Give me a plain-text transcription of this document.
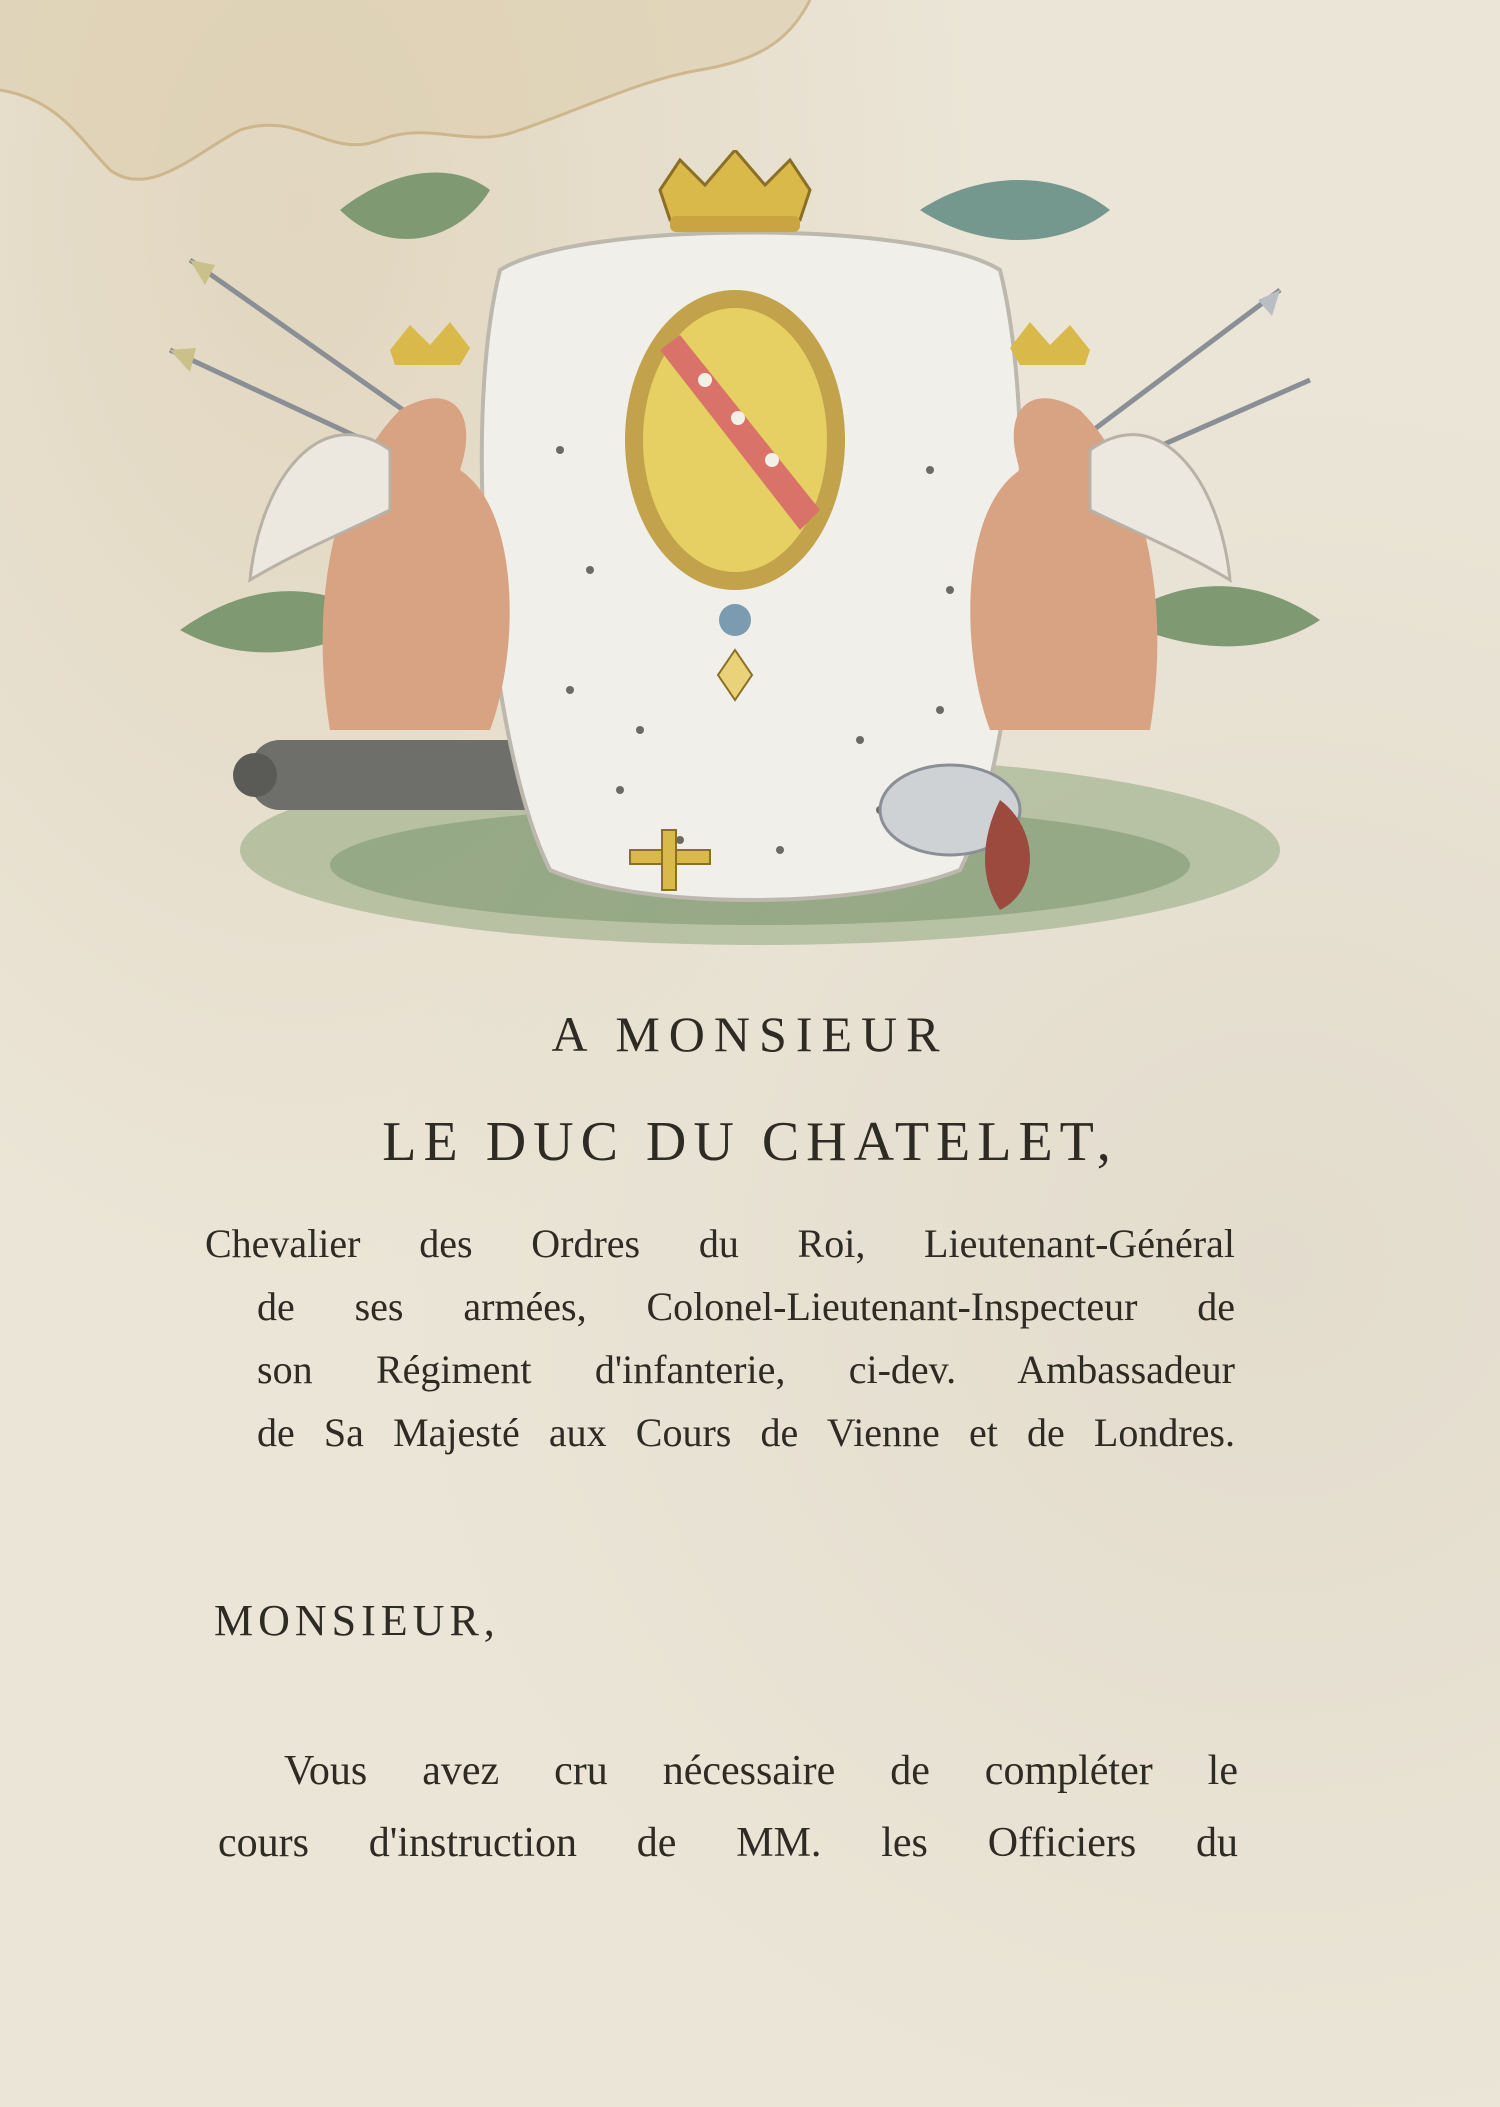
A MONSIEUR
LE DUC DU CHATELET,
Chevalier des Ordres du Roi, Lieutenant-Général
de ses armées, Colonel-Lieutenant-Inspecteur de
son Régiment d'infanterie, ci-dev. Ambassadeur
de Sa Majesté aux Cours de Vienne et de Londres.
MONSIEUR,
Vous avez cru nécessaire de compléter le
cours d'instruction de MM. les Officiers du
